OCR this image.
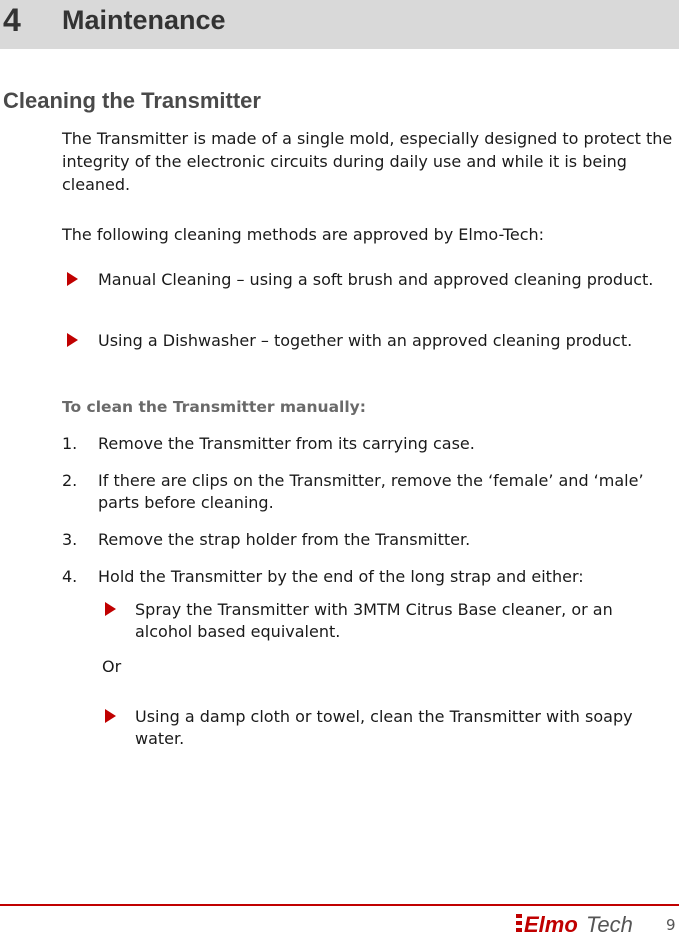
4 Maintenance
Cleaning the Transmitter

The Transmitter is made of a single mold, especially designed to protect the integrity of the electronic circuits during daily use and while it is being cleaned.

The following cleaning methods are approved by Elmo-Tech:

Manual Cleaning – using a soft brush and approved cleaning product.

Using a Dishwasher – together with an approved cleaning product.

To clean the Transmitter manually:
1. Remove the Transmitter from its carrying case.
2. If there are clips on the Transmitter, remove the ‘female’ and ‘male’ parts before cleaning.
3. Remove the strap holder from the Transmitter.
4. Hold the Transmitter by the end of the long strap and either:

Spray the Transmitter with 3MTM Citrus Base cleaner, or an alcohol based equivalent.

Or

Using a damp cloth or towel, clean the Transmitter with soapy water.

Elmo Tech 9
